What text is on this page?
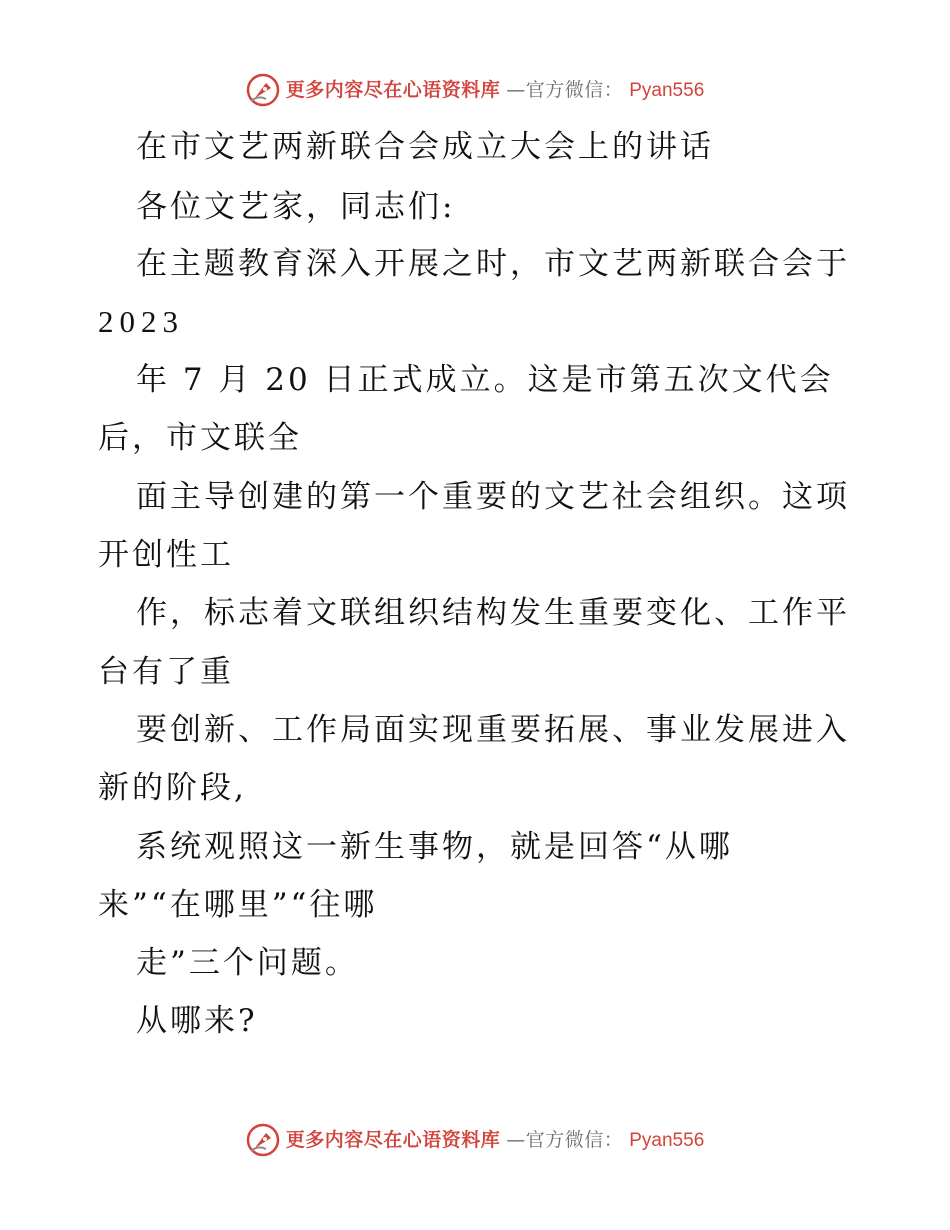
更多内容尽在心语资料库 —官方微信： Pyan556
在市文艺两新联合会成立大会上的讲话
各位文艺家，同志们:
在主题教育深入开展之时，市文艺两新联合会于
2023
年 7 月 20 日正式成立。这是市第五次文代会
后，市文联全
面主导创建的第一个重要的文艺社会组织。这项
开创性工
作，标志着文联组织结构发生重要变化、工作平
台有了重
要创新、工作局面实现重要拓展、事业发展进入
新的阶段,
系统观照这一新生事物，就是回答“从哪
来”“在哪里”“往哪
走”三个问题。
从哪来?
更多内容尽在心语资料库 —官方微信： Pyan556
